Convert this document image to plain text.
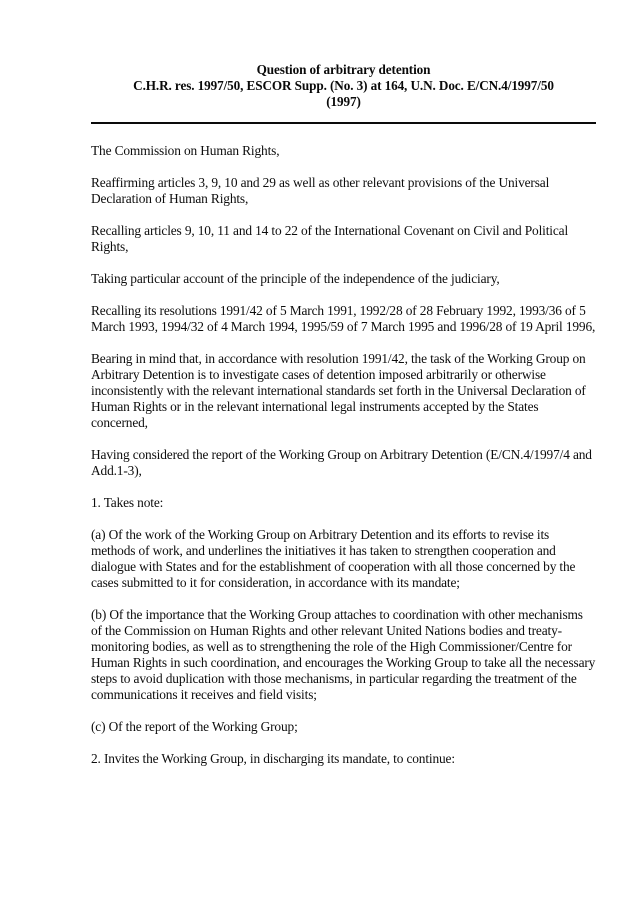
Question of arbitrary detention
C.H.R. res. 1997/50, ESCOR Supp. (No. 3) at 164, U.N. Doc. E/CN.4/1997/50
(1997)

The Commission on Human Rights,

Reaffirming articles 3, 9, 10 and 29 as well as other relevant provisions of the Universal Declaration of Human Rights,

Recalling articles 9, 10, 11 and 14 to 22 of the International Covenant on Civil and Political Rights,

Taking particular account of the principle of the independence of the judiciary,

Recalling its resolutions 1991/42 of 5 March 1991, 1992/28 of 28 February 1992, 1993/36 of 5 March 1993, 1994/32 of 4 March 1994, 1995/59 of 7 March 1995 and 1996/28 of 19 April 1996,

Bearing in mind that, in accordance with resolution 1991/42, the task of the Working Group on Arbitrary Detention is to investigate cases of detention imposed arbitrarily or otherwise inconsistently with the relevant international standards set forth in the Universal Declaration of Human Rights or in the relevant international legal instruments accepted by the States concerned,

Having considered the report of the Working Group on Arbitrary Detention (E/CN.4/1997/4 and Add.1-3),

1. Takes note:

(a) Of the work of the Working Group on Arbitrary Detention and its efforts to revise its methods of work, and underlines the initiatives it has taken to strengthen cooperation and dialogue with States and for the establishment of cooperation with all those concerned by the cases submitted to it for consideration, in accordance with its mandate;

(b) Of the importance that the Working Group attaches to coordination with other mechanisms of the Commission on Human Rights and other relevant United Nations bodies and treaty-monitoring bodies, as well as to strengthening the role of the High Commissioner/Centre for Human Rights in such coordination, and encourages the Working Group to take all the necessary steps to avoid duplication with those mechanisms, in particular regarding the treatment of the communications it receives and field visits;

(c) Of the report of the Working Group;

2. Invites the Working Group, in discharging its mandate, to continue:
